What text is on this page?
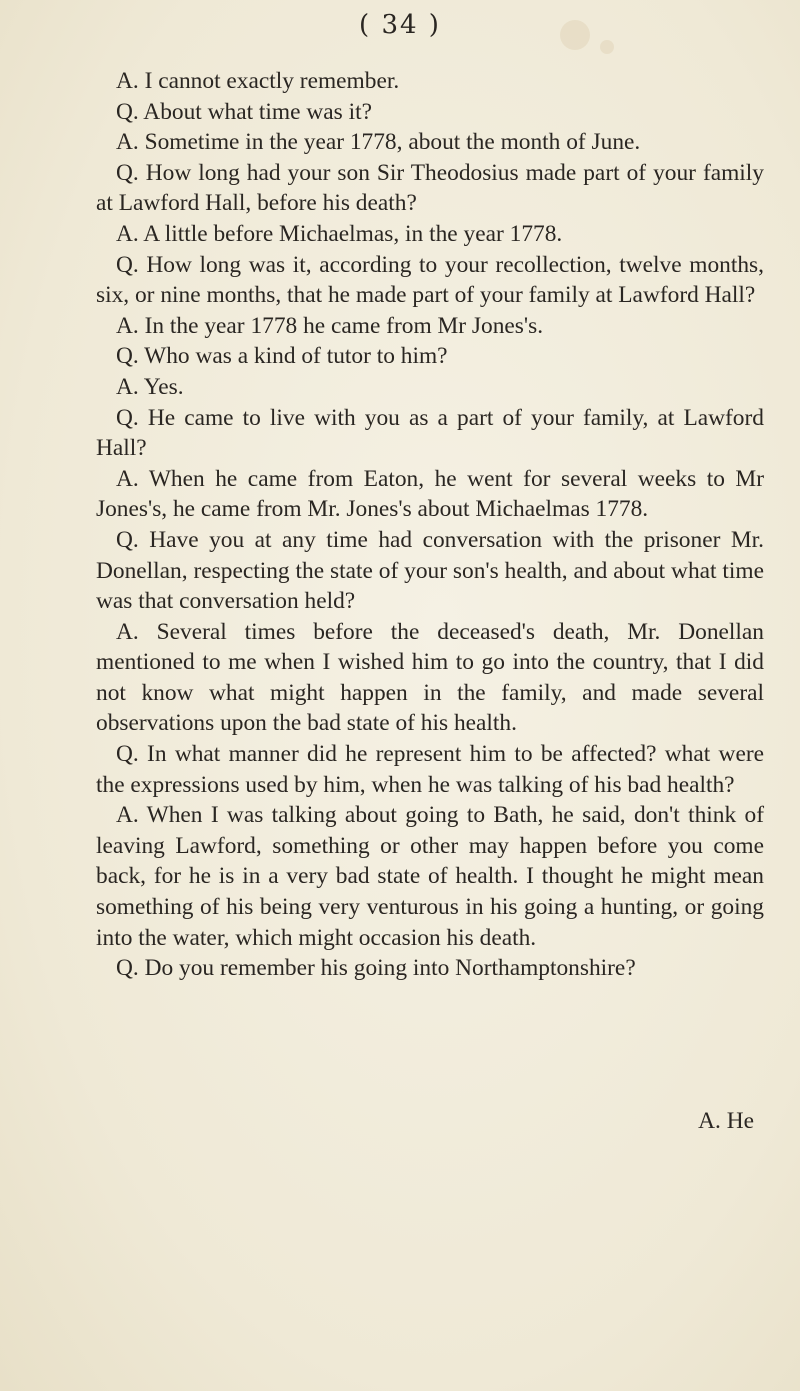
( 34 )

A. I cannot exactly remember.

Q. About what time was it?

A. Sometime in the year 1778, about the month of June.

Q. How long had your son Sir Theodosius made part of your family at Lawford Hall, before his death?

A. A little before Michaelmas, in the year 1778.

Q. How long was it, according to your recollection, twelve months, six, or nine months, that he made part of your family at Lawford Hall?

A. In the year 1778 he came from Mr Jones's.

Q. Who was a kind of tutor to him?

A. Yes.

Q. He came to live with you as a part of your family, at Lawford Hall?

A. When he came from Eaton, he went for several weeks to Mr Jones's, he came from Mr. Jones's about Michaelmas 1778.

Q. Have you at any time had conversation with the prisoner Mr. Donellan, respecting the state of your son's health, and about what time was that conversation held?

A. Several times before the deceased's death, Mr. Donellan mentioned to me when I wished him to go into the country, that I did not know what might happen in the family, and made several observations upon the bad state of his health.

Q. In what manner did he represent him to be affected? what were the expressions used by him, when he was talking of his bad health?

A. When I was talking about going to Bath, he said, don't think of leaving Lawford, something or other may happen before you come back, for he is in a very bad state of health. I thought he might mean something of his being very venturous in his going a hunting, or going into the water, which might occasion his death.

Q. Do you remember his going into Northamptonshire?

A. He
